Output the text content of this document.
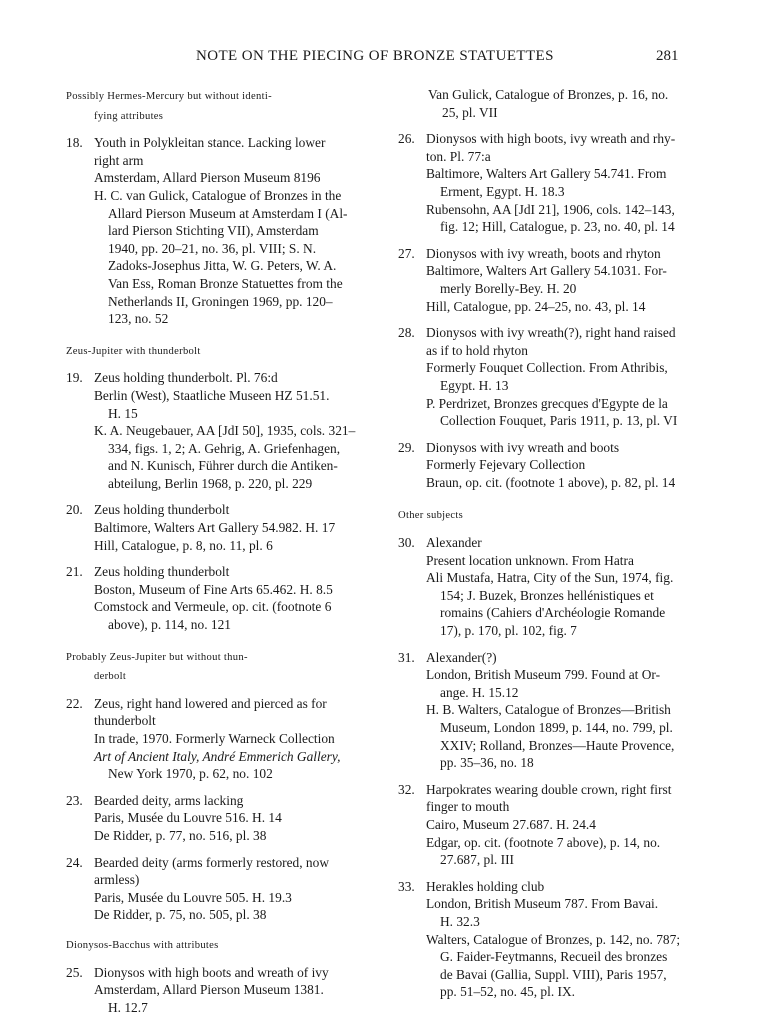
NOTE ON THE PIECING OF BRONZE STATUETTES	281
Possibly Hermes-Mercury but without identi-
fying attributes
18. Youth in Polykleitan stance. Lacking lower
right arm
Amsterdam, Allard Pierson Museum 8196
H. C. van Gulick, Catalogue of Bronzes in the
Allard Pierson Museum at Amsterdam I (Al-
lard Pierson Stichting VII), Amsterdam
1940, pp. 20–21, no. 36, pl. VIII; S. N.
Zadoks-Josephus Jitta, W. G. Peters, W. A.
Van Ess, Roman Bronze Statuettes from the
Netherlands II, Groningen 1969, pp. 120–
123, no. 52
Zeus-Jupiter with thunderbolt
19. Zeus holding thunderbolt. Pl. 76:d
Berlin (West), Staatliche Museen HZ 51.51.
H. 15
K. A. Neugebauer, AA [JdI 50], 1935, cols. 321–
334, figs. 1, 2; A. Gehrig, A. Griefenhagen,
and N. Kunisch, Führer durch die Antiken-
abteilung, Berlin 1968, p. 220, pl. 229
20. Zeus holding thunderbolt
Baltimore, Walters Art Gallery 54.982. H. 17
Hill, Catalogue, p. 8, no. 11, pl. 6
21. Zeus holding thunderbolt
Boston, Museum of Fine Arts 65.462. H. 8.5
Comstock and Vermeule, op. cit. (footnote 6
above), p. 114, no. 121
Probably Zeus-Jupiter but without thun-
derbolt
22. Zeus, right hand lowered and pierced as for
thunderbolt
In trade, 1970. Formerly Warneck Collection
Art of Ancient Italy, André Emmerich Gallery,
New York 1970, p. 62, no. 102
23. Bearded deity, arms lacking
Paris, Musée du Louvre 516. H. 14
De Ridder, p. 77, no. 516, pl. 38
24. Bearded deity (arms formerly restored, now
armless)
Paris, Musée du Louvre 505. H. 19.3
De Ridder, p. 75, no. 505, pl. 38
Dionysos-Bacchus with attributes
25. Dionysos with high boots and wreath of ivy
Amsterdam, Allard Pierson Museum 1381.
H. 12.7
Van Gulick, Catalogue of Bronzes, p. 16, no.
25, pl. VII
26. Dionysos with high boots, ivy wreath and rhy-
ton. Pl. 77:a
Baltimore, Walters Art Gallery 54.741. From
Erment, Egypt. H. 18.3
Rubensohn, AA [JdI 21], 1906, cols. 142–143,
fig. 12; Hill, Catalogue, p. 23, no. 40, pl. 14
27. Dionysos with ivy wreath, boots and rhyton
Baltimore, Walters Art Gallery 54.1031. For-
merly Borelly-Bey. H. 20
Hill, Catalogue, pp. 24–25, no. 43, pl. 14
28. Dionysos with ivy wreath(?), right hand raised
as if to hold rhyton
Formerly Fouquet Collection. From Athribis,
Egypt. H. 13
P. Perdrizet, Bronzes grecques d'Egypte de la
Collection Fouquet, Paris 1911, p. 13, pl. VI
29. Dionysos with ivy wreath and boots
Formerly Fejevary Collection
Braun, op. cit. (footnote 1 above), p. 82, pl. 14
Other subjects
30. Alexander
Present location unknown. From Hatra
Ali Mustafa, Hatra, City of the Sun, 1974, fig.
154; J. Buzek, Bronzes hellénistiques et
romains (Cahiers d'Archéologie Romande
17), p. 170, pl. 102, fig. 7
31. Alexander(?)
London, British Museum 799. Found at Or-
ange. H. 15.12
H. B. Walters, Catalogue of Bronzes—British
Museum, London 1899, p. 144, no. 799, pl.
XXIV; Rolland, Bronzes—Haute Provence,
pp. 35–36, no. 18
32. Harpokrates wearing double crown, right first
finger to mouth
Cairo, Museum 27.687. H. 24.4
Edgar, op. cit. (footnote 7 above), p. 14, no.
27.687, pl. III
33. Herakles holding club
London, British Museum 787. From Bavai.
H. 32.3
Walters, Catalogue of Bronzes, p. 142, no. 787;
G. Faider-Feytmanns, Recueil des bronzes
de Bavai (Gallia, Suppl. VIII), Paris 1957,
pp. 51–52, no. 45, pl. IX.
